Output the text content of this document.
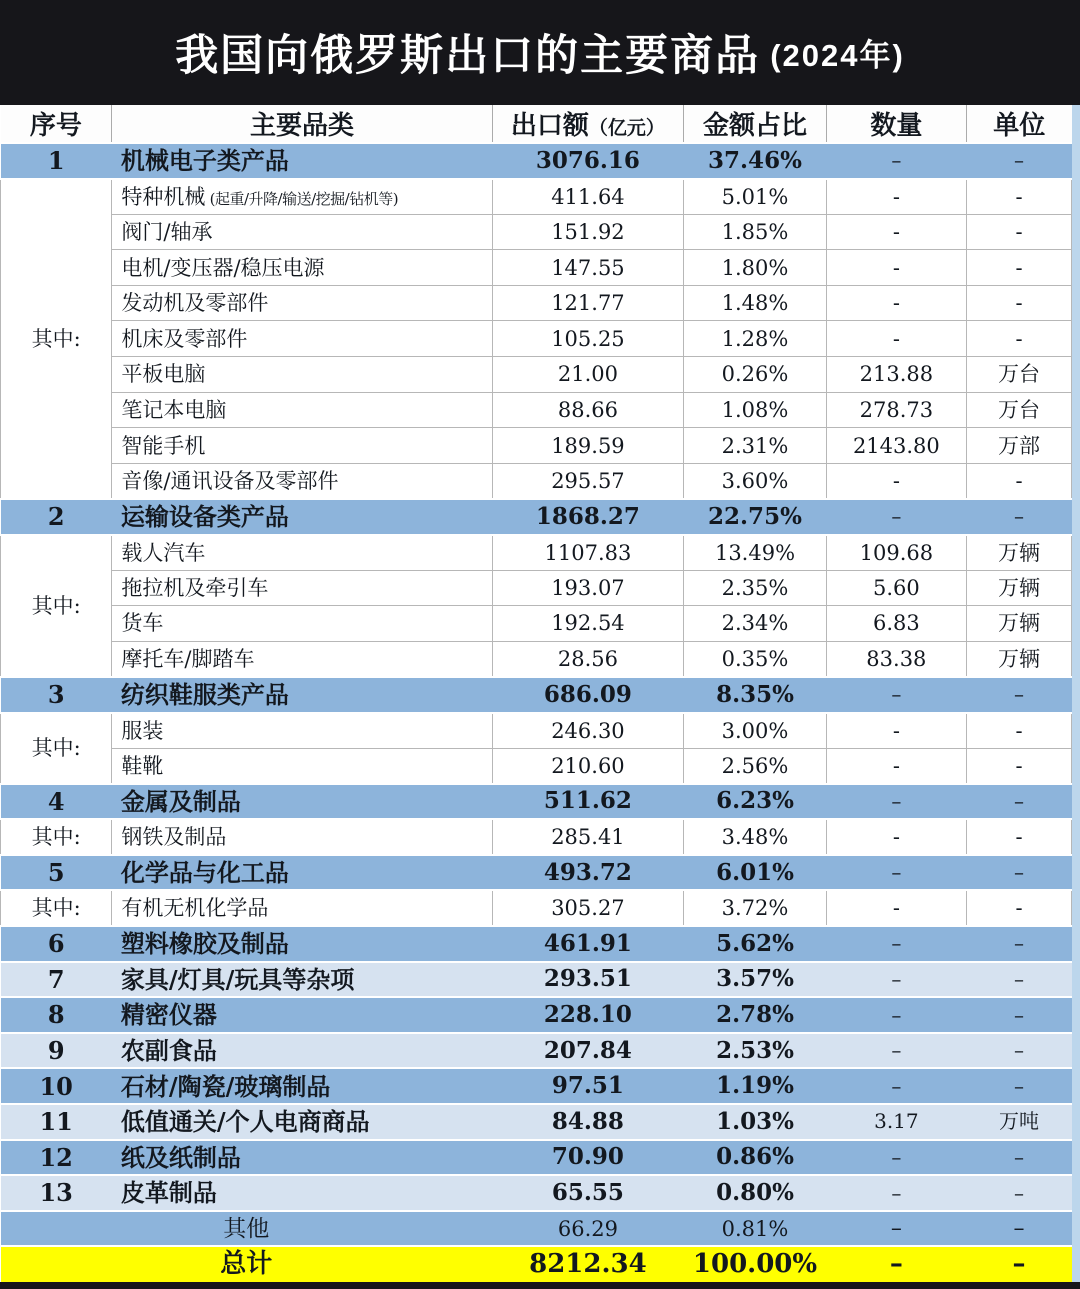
我国向俄罗斯出口的主要商品 (2024年)
序号	主要品类	出口额（亿元）	金额占比	数量	单位
1	机械电子类产品	3076.16	37.46%	–	–
其中:	特种机械 (起重/升降/输送/挖掘/钻机等)	411.64	5.01%	-	-
	阀门/轴承	151.92	1.85%	-	-
	电机/变压器/稳压电源	147.55	1.80%	-	-
	发动机及零部件	121.77	1.48%	-	-
	机床及零部件	105.25	1.28%	-	-
	平板电脑	21.00	0.26%	213.88	万台
	笔记本电脑	88.66	1.08%	278.73	万台
	智能手机	189.59	2.31%	2143.80	万部
	音像/通讯设备及零部件	295.57	3.60%	-	-
2	运输设备类产品	1868.27	22.75%	–	–
其中:	载人汽车	1107.83	13.49%	109.68	万辆
	拖拉机及牵引车	193.07	2.35%	5.60	万辆
	货车	192.54	2.34%	6.83	万辆
	摩托车/脚踏车	28.56	0.35%	83.38	万辆
3	纺织鞋服类产品	686.09	8.35%	–	–
其中:	服装	246.30	3.00%	-	-
	鞋靴	210.60	2.56%	-	-
4	金属及制品	511.62	6.23%	–	–
其中:	钢铁及制品	285.41	3.48%	-	-
5	化学品与化工品	493.72	6.01%	–	–
其中:	有机无机化学品	305.27	3.72%	-	-
6	塑料橡胶及制品	461.91	5.62%	–	–
7	家具/灯具/玩具等杂项	293.51	3.57%	–	–
8	精密仪器	228.10	2.78%	–	–
9	农副食品	207.84	2.53%	–	–
10	石材/陶瓷/玻璃制品	97.51	1.19%	–	–
11	低值通关/个人电商商品	84.88	1.03%	3.17	万吨
12	纸及纸制品	70.90	0.86%	–	–
13	皮革制品	65.55	0.80%	–	–
其他		66.29	0.81%	–	–
总计		8212.34	100.00%	–	–
